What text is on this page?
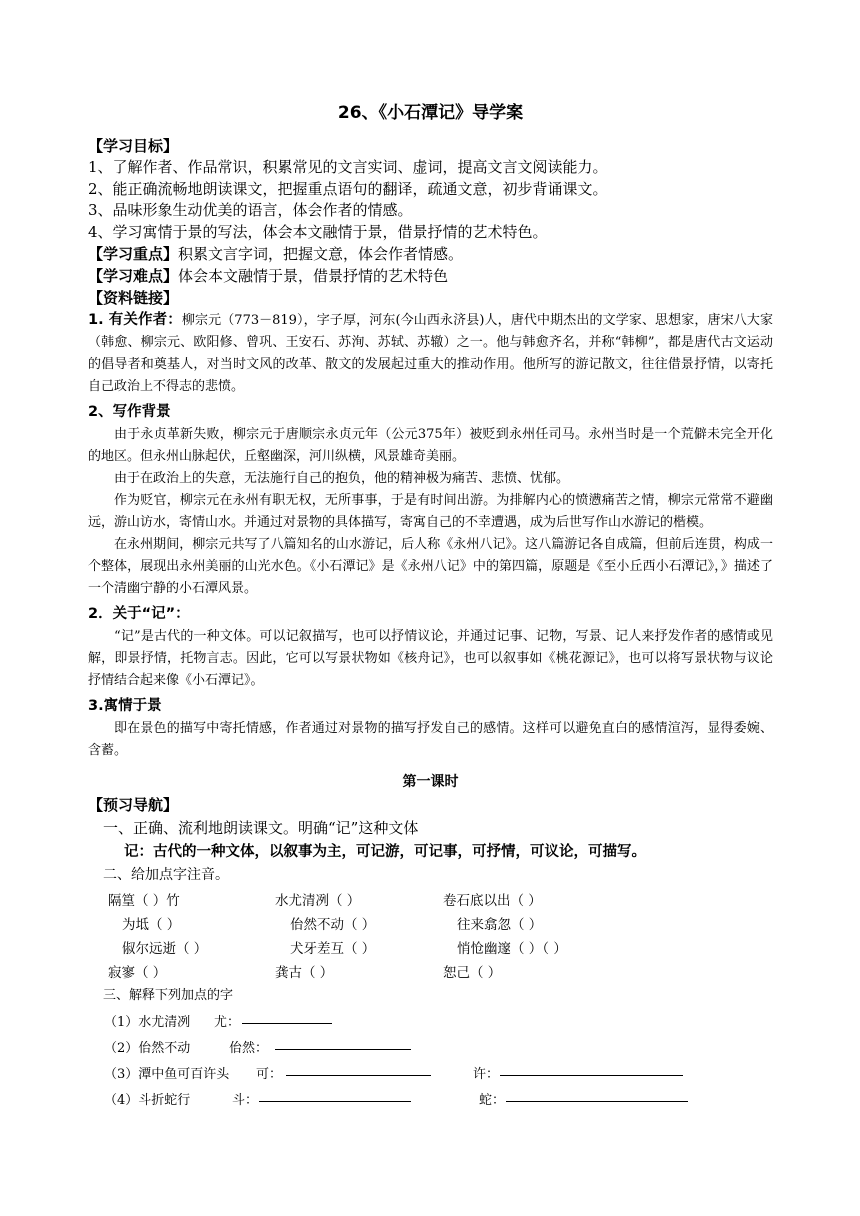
26、《小石潭记》导学案
【学习目标】
1、了解作者、作品常识，积累常见的文言实词、虚词，提高文言文阅读能力。
2、能正确流畅地朗读课文，把握重点语句的翻译，疏通文意，初步背诵课文。
3、品味形象生动优美的语言，体会作者的情感。
4、学习寓情于景的写法，体会本文融情于景，借景抒情的艺术特色。
【学习重点】积累文言字词，把握文意，体会作者情感。
【学习难点】体会本文融情于景，借景抒情的艺术特色
【资料链接】
1. 有关作者：柳宗元（773－819），字子厚，河东(今山西永济县)人，唐代中期杰出的文学家、思想家，唐宋八大家（韩愈、柳宗元、欧阳修、曾巩、王安石、苏洵、苏轼、苏辙）之一。他与韩愈齐名，并称“韩柳”，都是唐代古文运动的倡导者和奠基人，对当时文风的改革、散文的发展起过重大的推动作用。他所写的游记散文，往往借景抒情，以寄托自己政治上不得志的悲愤。
2、写作背景
由于永贞革新失败，柳宗元于唐顺宗永贞元年（公元375年）被贬到永州任司马。永州当时是一个荒僻未完全开化的地区。但永州山脉起伏，丘壑幽深，河川纵横，风景雄奇美丽。
由于在政治上的失意，无法施行自己的抱负，他的精神极为痛苦、悲愤、忧郁。
作为贬官，柳宗元在永州有职无权，无所事事，于是有时间出游。为排解内心的愤懑痛苦之情，柳宗元常常不避幽远，游山访水，寄情山水。并通过对景物的具体描写，寄寓自己的不幸遭遇，成为后世写作山水游记的楷模。
在永州期间，柳宗元共写了八篇知名的山水游记，后人称《永州八记》。这八篇游记各自成篇，但前后连贯，构成一个整体，展现出永州美丽的山光水色。《小石潭记》是《永州八记》中的第四篇，原题是《至小丘西小石潭记》，》描述了一个清幽宁静的小石潭风景。
2．关于“记”：
“记”是古代的一种文体。可以记叙描写，也可以抒情议论，并通过记事、记物，写景、记人来抒发作者的感情或见解，即景抒情，托物言志。因此，它可以写景状物如《核舟记》，也可以叙事如《桃花源记》，也可以将写景状物与议论抒情结合起来像《小石潭记》。
3.寓情于景
即在景色的描写中寄托情感，作者通过对景物的描写抒发自己的感情。这样可以避免直白的感情渲泻，显得委婉、含蓄。
第一课时
【预习导航】
一、正确、流利地朗读课文。明确“记”这种文体
记：古代的一种文体，以叙事为主，可记游，可记事，可抒情，可议论，可描写。
二、给加点字注音。
隔篁（ ）竹	水尤清冽（ ）	卷石底以出（ ）
为坻（ ）	佁然不动（ ）	往来翕忽（ ）
俶尔远逝（ ）	犬牙差互（ ）	悄怆幽邃（ ）（ ）
寂寥（ ）	龚古（ ）	恕己（ ）
三、解释下列加点的字
（1）水尤清冽 尤：
（2）佁然不动	佁然：
（3）潭中鱼可百许头 可：	许：
（4）斗折蛇行	斗：	蛇：
